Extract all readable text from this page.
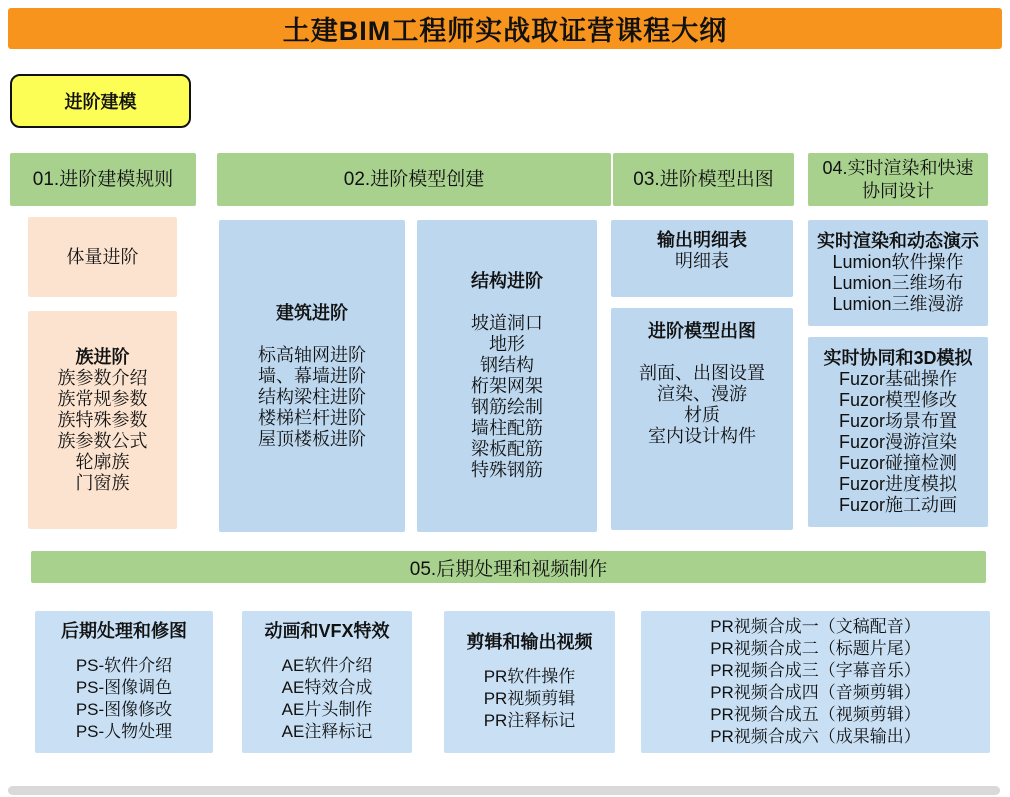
土建BIM工程师实战取证营课程大纲
进阶建模
01.进阶建模规则	02.进阶模型创建	03.进阶模型出图
04.实时渲染和快速
协同设计
体量进阶
族进阶
族参数介绍
族常规参数
族特殊参数
族参数公式
轮廓族
门窗族
建筑进阶
标高轴网进阶
墙、幕墙进阶
结构梁柱进阶
楼梯栏杆进阶
屋顶楼板进阶
结构进阶
坡道洞口
地形
钢结构
桁架网架
钢筋绘制
墙柱配筋
梁板配筋
特殊钢筋
输出明细表
明细表
进阶模型出图
剖面、出图设置
渲染、漫游
材质
室内设计构件
实时渲染和动态演示
Lumion软件操作
Lumion三维场布
Lumion三维漫游
实时协同和3D模拟
Fuzor基础操作
Fuzor模型修改
Fuzor场景布置
Fuzor漫游渲染
Fuzor碰撞检测
Fuzor进度模拟
Fuzor施工动画
05.后期处理和视频制作
后期处理和修图
PS-软件介绍
PS-图像调色
PS-图像修改
PS-人物处理
动画和VFX特效
AE软件介绍
AE特效合成
AE片头制作
AE注释标记
剪辑和输出视频
PR软件操作
PR视频剪辑
PR注释标记
PR视频合成一（文稿配音）
PR视频合成二（标题片尾）
PR视频合成三（字幕音乐）
PR视频合成四（音频剪辑）
PR视频合成五（视频剪辑）
PR视频合成六（成果输出）
